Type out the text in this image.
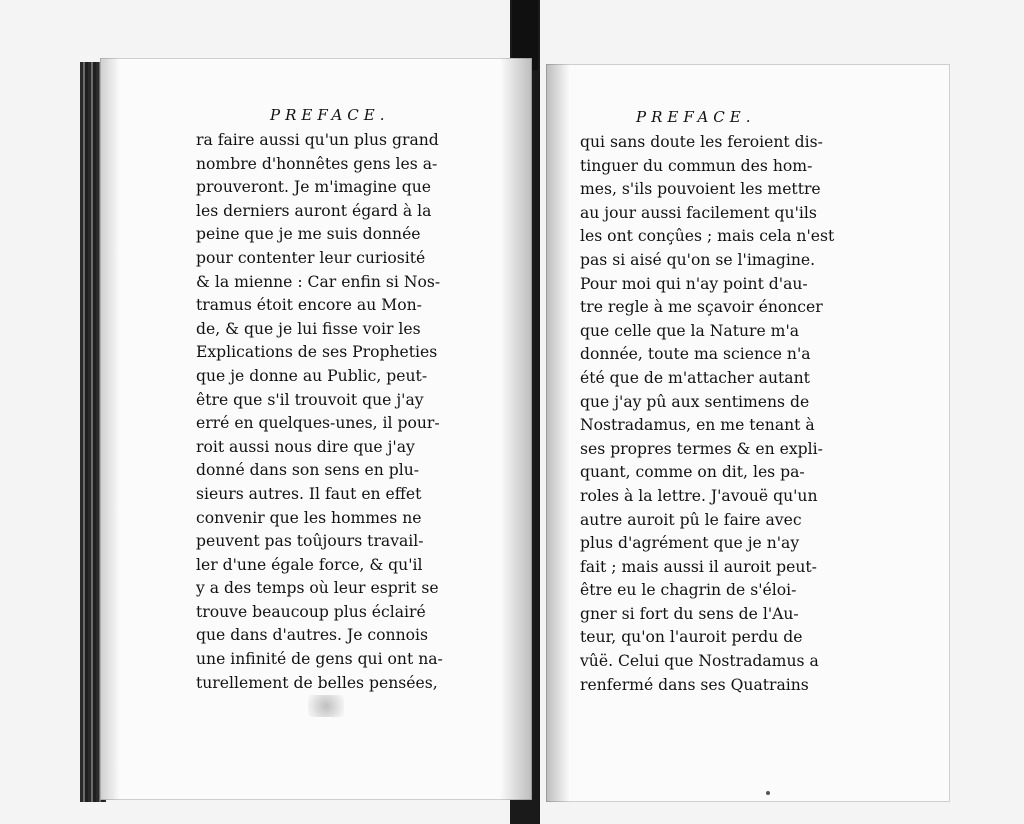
PREFACE.	PREFACE.
ra faire aussi qu'un plus grand
nombre d'honnêtes gens les a-
prouveront. Je m'imagine que
les derniers auront égard à la
peine que je me suis donnée
pour contenter leur curiosité
& la mienne : Car enfin si Nos-
tramus étoit encore au Mon-
de, & que je lui fisse voir les
Explications de ses Propheties
que je donne au Public, peut-
être que s'il trouvoit que j'ay
erré en quelques-unes, il pour-
roit aussi nous dire que j'ay
donné dans son sens en plu-
sieurs autres. Il faut en effet
convenir que les hommes ne
peuvent pas toûjours travail-
ler d'une égale force, & qu'il
y a des temps où leur esprit se
trouve beaucoup plus éclairé
que dans d'autres. Je connois
une infinité de gens qui ont na-
turellement de belles pensées,
qui sans doute les feroient dis-
tinguer du commun des hom-
mes, s'ils pouvoient les mettre
au jour aussi facilement qu'ils
les ont conçûes ; mais cela n'est
pas si aisé qu'on se l'imagine.
Pour moi qui n'ay point d'au-
tre regle à me sçavoir énoncer
que celle que la Nature m'a
donnée, toute ma science n'a
été que de m'attacher autant
que j'ay pû aux sentimens de
Nostradamus, en me tenant à
ses propres termes & en expli-
quant, comme on dit, les pa-
roles à la lettre. J'avouë qu'un
autre auroit pû le faire avec
plus d'agrément que je n'ay
fait ; mais aussi il auroit peut-
être eu le chagrin de s'éloi-
gner si fort du sens de l'Au-
teur, qu'on l'auroit perdu de
vûë. Celui que Nostradamus a
renfermé dans ses Quatrains
